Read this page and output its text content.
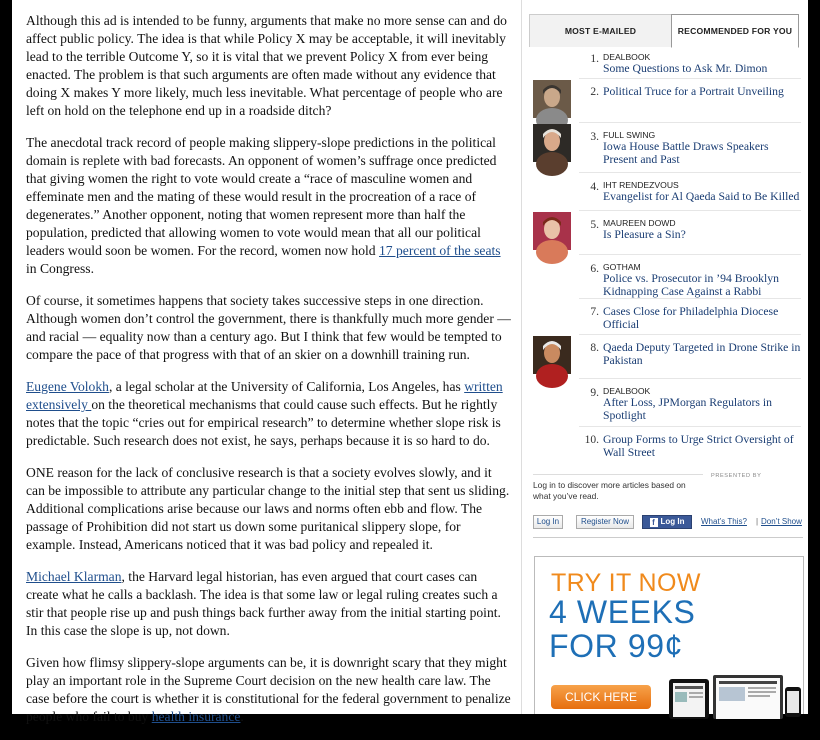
Although this ad is intended to be funny, arguments that make no more sense can and do affect public policy. The idea is that while Policy X may be acceptable, it will inevitably lead to the terrible Outcome Y, so it is vital that we prevent Policy X from ever being enacted. The problem is that such arguments are often made without any evidence that doing X makes Y more likely, much less inevitable. What percentage of people who are left on hold on the telephone end up in a roadside ditch?

The anecdotal track record of people making slippery-slope predictions in the political domain is replete with bad forecasts. An opponent of women’s suffrage once predicted that giving women the right to vote would create a “race of masculine women and effeminate men and the mating of these would result in the procreation of a race of degenerates.” Another opponent, noting that women represent more than half the population, predicted that allowing women to vote would mean that all our political leaders would soon be women. For the record, women now hold 17 percent of the seats in Congress.

Of course, it sometimes happens that society takes successive steps in one direction. Although women don’t control the government, there is thankfully much more gender — and racial — equality now than a century ago. But I think that few would be tempted to compare the pace of that progress with that of an skier on a downhill training run.

Eugene Volokh, a legal scholar at the University of California, Los Angeles, has written extensively on the theoretical mechanisms that could cause such effects. But he rightly notes that the topic “cries out for empirical research” to determine whether slope risk is predictable. Such research does not exist, he says, perhaps because it is so hard to do.

ONE reason for the lack of conclusive research is that a society evolves slowly, and it can be impossible to attribute any particular change to the initial step that sent us sliding. Additional complications arise because our laws and norms often ebb and flow. The passage of Prohibition did not start us down some puritanical slippery slope, for example. Instead, Americans noticed that it was bad policy and repealed it.

Michael Klarman, the Harvard legal historian, has even argued that court cases can create what he calls a backlash. The idea is that some law or legal ruling creates such a stir that people rise up and push things back further away from the initial starting point. In this case the slope is up, not down.

Given how flimsy slippery-slope arguments can be, it is downright scary that they might play an important role in the Supreme Court decision on the new health care law. The case before the court is whether it is constitutional for the federal government to penalize people who fail to buy health insurance.

MOST E-MAILED	RECOMMENDED FOR YOU
1. DEALBOOK
Some Questions to Ask Mr. Dimon
2. Political Truce for a Portrait Unveiling
3. FULL SWING
Iowa House Battle Draws Speakers Present and Past
4. IHT RENDEZVOUS
Evangelist for Al Qaeda Said to Be Killed
5. MAUREEN DOWD
Is Pleasure a Sin?
6. GOTHAM
Police vs. Prosecutor in ’94 Brooklyn Kidnapping Case Against a Rabbi
7. Cases Close for Philadelphia Diocese Official
8. Qaeda Deputy Targeted in Drone Strike in Pakistan
9. DEALBOOK
After Loss, JPMorgan Regulators in Spotlight
10. Group Forms to Urge Strict Oversight of Wall Street
PRESENTED BY
Log in to discover more articles based on what you’ve read.
Log In	Register Now	f Log In	What’s This? | Don’t Show
TRY IT NOW
4 WEEKS
FOR 99¢
CLICK HERE
